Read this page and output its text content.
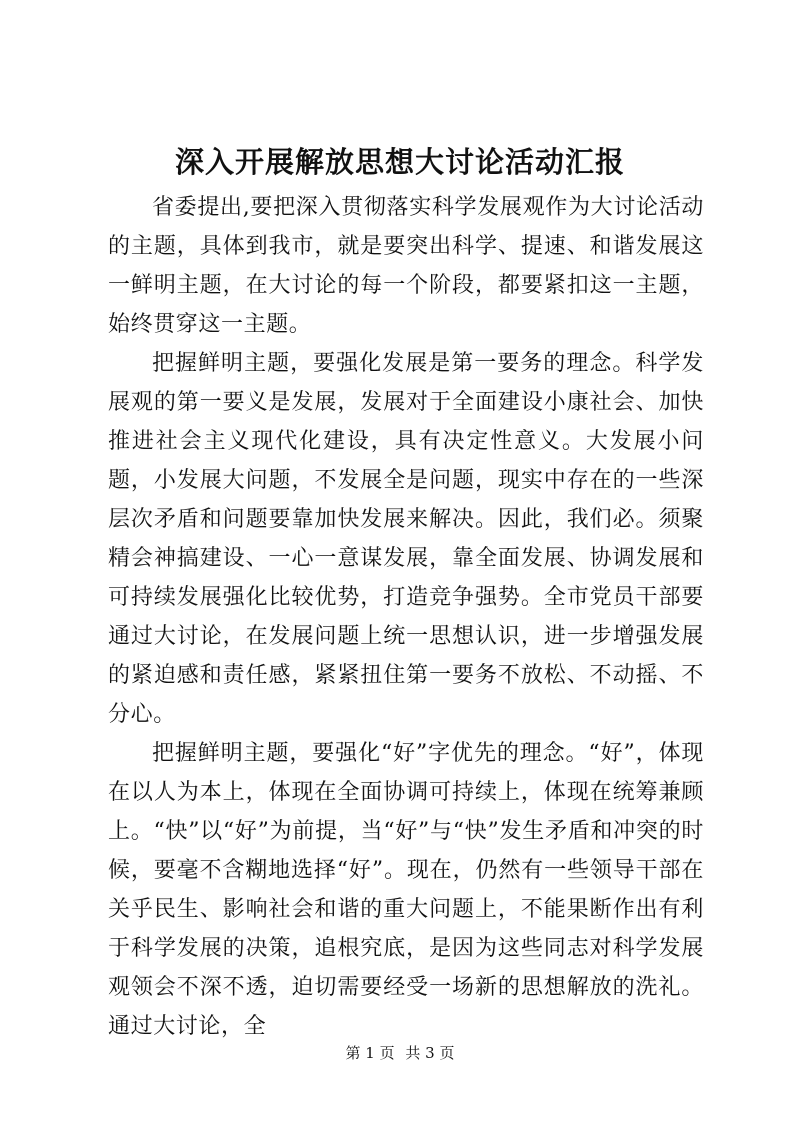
深入开展解放思想大讨论活动汇报

省委提出,要把深入贯彻落实科学发展观作为大讨论活动的主题，具体到我市，就是要突出科学、提速、和谐发展这一鲜明主题，在大讨论的每一个阶段，都要紧扣这一主题，始终贯穿这一主题。

把握鲜明主题，要强化发展是第一要务的理念。科学发展观的第一要义是发展，发展对于全面建设小康社会、加快推进社会主义现代化建设，具有决定性意义。大发展小问题，小发展大问题，不发展全是问题，现实中存在的一些深层次矛盾和问题要靠加快发展来解决。因此，我们必。须聚精会神搞建设、一心一意谋发展，靠全面发展、协调发展和可持续发展强化比较优势，打造竞争强势。全市党员干部要通过大讨论，在发展问题上统一思想认识，进一步增强发展的紧迫感和责任感，紧紧扭住第一要务不放松、不动摇、不分心。

把握鲜明主题，要强化“好”字优先的理念。“好”，体现在以人为本上，体现在全面协调可持续上，体现在统筹兼顾上。“快”以“好”为前提，当“好”与“快”发生矛盾和冲突的时候，要毫不含糊地选择“好”。现在，仍然有一些领导干部在关乎民生、影响社会和谐的重大问题上，不能果断作出有利于科学发展的决策，追根究底，是因为这些同志对科学发展观领会不深不透，迫切需要经受一场新的思想解放的洗礼。通过大讨论，全

第 1 页 共 3 页
